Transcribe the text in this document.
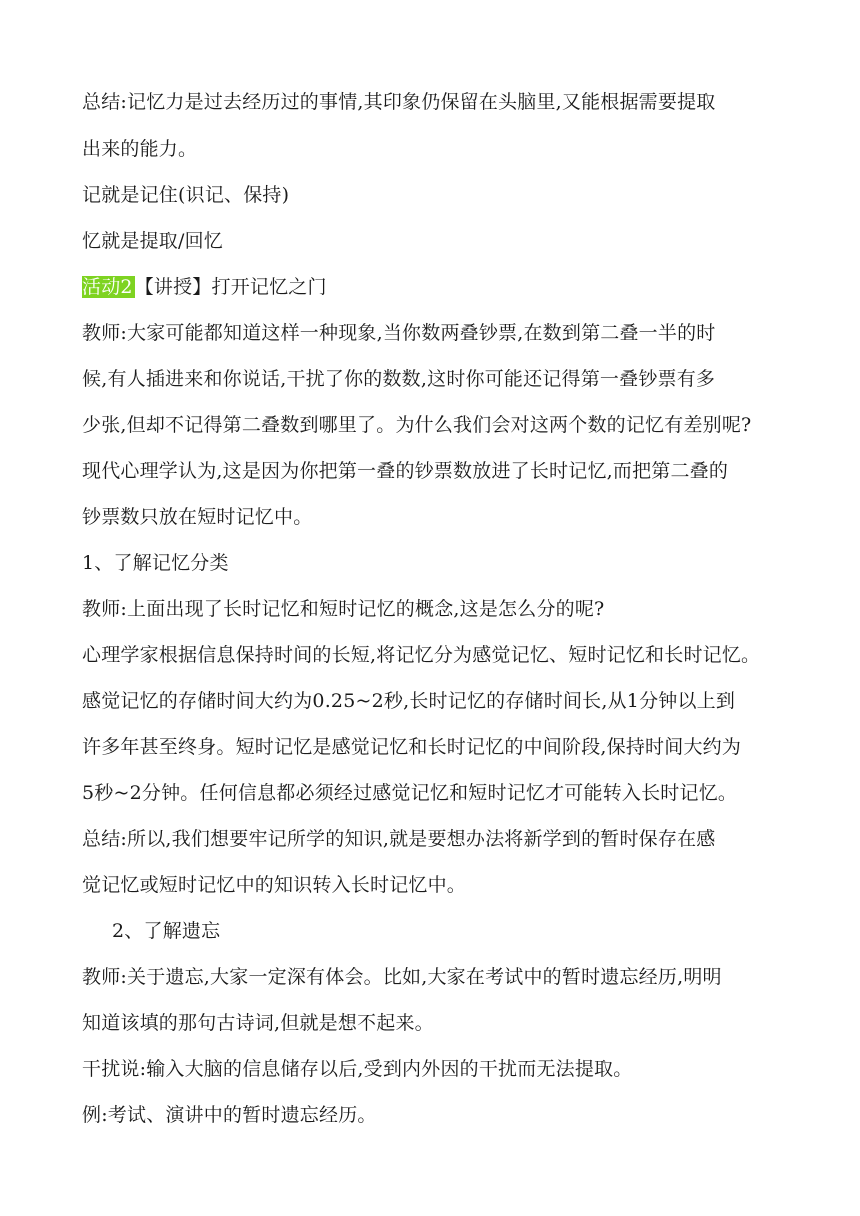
总结:记忆力是过去经历过的事情,其印象仍保留在头脑里,又能根据需要提取
出来的能力。
记就是记住(识记、保持)
忆就是提取/回忆
活动2 【讲授】打开记忆之门
教师:大家可能都知道这样一种现象,当你数两叠钞票,在数到第二叠一半的时
候,有人插进来和你说话,干扰了你的数数,这时你可能还记得第一叠钞票有多
少张,但却不记得第二叠数到哪里了。为什么我们会对这两个数的记忆有差别呢?
现代心理学认为,这是因为你把第一叠的钞票数放进了长时记忆,而把第二叠的
钞票数只放在短时记忆中。
1、了解记忆分类
教师:上面出现了长时记忆和短时记忆的概念,这是怎么分的呢?
心理学家根据信息保持时间的长短,将记忆分为感觉记忆、短时记忆和长时记忆。
感觉记忆的存储时间大约为0.25~2秒,长时记忆的存储时间长,从1分钟以上到
许多年甚至终身。短时记忆是感觉记忆和长时记忆的中间阶段,保持时间大约为
5秒~2分钟。任何信息都必须经过感觉记忆和短时记忆才可能转入长时记忆。
总结:所以,我们想要牢记所学的知识,就是要想办法将新学到的暂时保存在感
觉记忆或短时记忆中的知识转入长时记忆中。
2、了解遗忘
教师:关于遗忘,大家一定深有体会。比如,大家在考试中的暂时遗忘经历,明明
知道该填的那句古诗词,但就是想不起来。
干扰说:输入大脑的信息储存以后,受到内外因的干扰而无法提取。
例:考试、演讲中的暂时遗忘经历。
